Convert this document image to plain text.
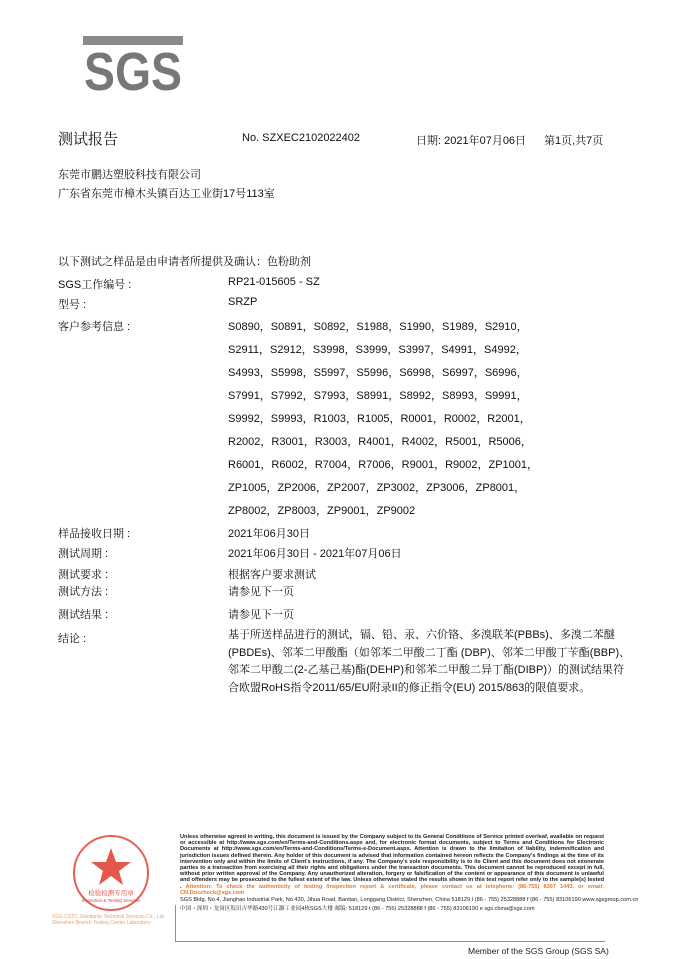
SGS
测试报告	No. SZXEC2102022402	日期: 2021年07月06日 第1页,共7页
东莞市鹏达塑胶科技有限公司
广东省东莞市樟木头镇百达工业街17号113室
以下测试之样品是由申请者所提供及确认：色粉助剂
SGS工作编号 :	RP21-015605 - SZ
型号 :	SRZP
客户参考信息 :	S0890，S0891，S0892，S1988，S1990，S1989，S2910，
S2911，S2912，S3998，S3999，S3997，S4991，S4992，
S4993，S5998，S5997，S5996，S6998，S6997，S6996，
S7991，S7992，S7993，S8991，S8992，S8993，S9991，
S9992，S9993，R1003，R1005，R0001，R0002，R2001，
R2002，R3001，R3003，R4001，R4002，R5001，R5006，
R6001，R6002，R7004，R7006，R9001，R9002，ZP1001，
ZP1005，ZP2006，ZP2007，ZP3002，ZP3006，ZP8001，
ZP8002，ZP8003，ZP9001，ZP9002
样品接收日期 :	2021年06月30日
测试周期 :	2021年06月30日 - 2021年07月06日
测试要求 :	根据客户要求测试
测试方法 :	请参见下一页
测试结果 :	请参见下一页
结论 :	基于所送样品进行的测试，镉、铅、汞、六价铬、多溴联苯(PBBs)、多溴二苯醚(PBDEs)、邻苯二甲酸酯（如邻苯二甲酸二丁酯 (DBP)、邻苯二甲酸丁苄酯(BBP)、邻苯二甲酸二(2-乙基己基)酯(DEHP)和邻苯二甲酸二异丁酯(DIBP)）的测试结果符合欧盟RoHS指令2011/65/EU附录II的修正指令(EU) 2015/863的限值要求。
检验检测专用章
Inspection & Testing Services
SGS-CSTC Standards Technical Services Co., Ltd.
Shenzhen Branch Testing Center Laboratory
Unless otherwise agreed in writing, this document is issued by the Company subject to its General Conditions of Service printed overleaf, available on request or accessible at http://www.sgs.com/en/Terms-and-Conditions.aspx and, for electronic format documents, subject to Terms and Conditions for Electronic Documents at http://www.sgs.com/en/Terms-and-Conditions/Terms-e-Document.aspx. Attention is drawn to the limitation of liability, indemnification and jurisdiction issues defined therein. Any holder of this document is advised that information contained hereon reflects the Company's findings at the time of its intervention only and within the limits of Client's instructions, if any. The Company's sole responsibility is to its Client and this document does not exonerate parties to a transaction from exercising all their rights and obligations under the transaction documents. This document cannot be reproduced except in full, without prior written approval of the Company. Any unauthorized alteration, forgery or falsification of the content or appearance of this document is unlawful and offenders may be prosecuted to the fullest extent of the law. Unless otherwise stated the results shown in this test report refer only to the sample(s) tested . Attention: To check the authenticity of testing /inspection report & certificate, please contact us at telephone: (86-755) 8307 1443, or email: CN.Doccheck@sgs.com
SGS Bldg, No.4, Jianghao Industrial Park, No.430, Jihua Road, Bantian, Longgang District, Shenzhen, China 518129 t (86 - 755) 25328888 f (86 - 755) 83106190 www.sgsgroup.com.cn
中国・深圳・龙岗区坂田吉华路430号江灏工业园4栋SGS大楼 邮编: 518129 t (86 - 755) 25328888 f (86 - 755) 83106190 e sgs.china@sgs.com
Member of the SGS Group (SGS SA)
